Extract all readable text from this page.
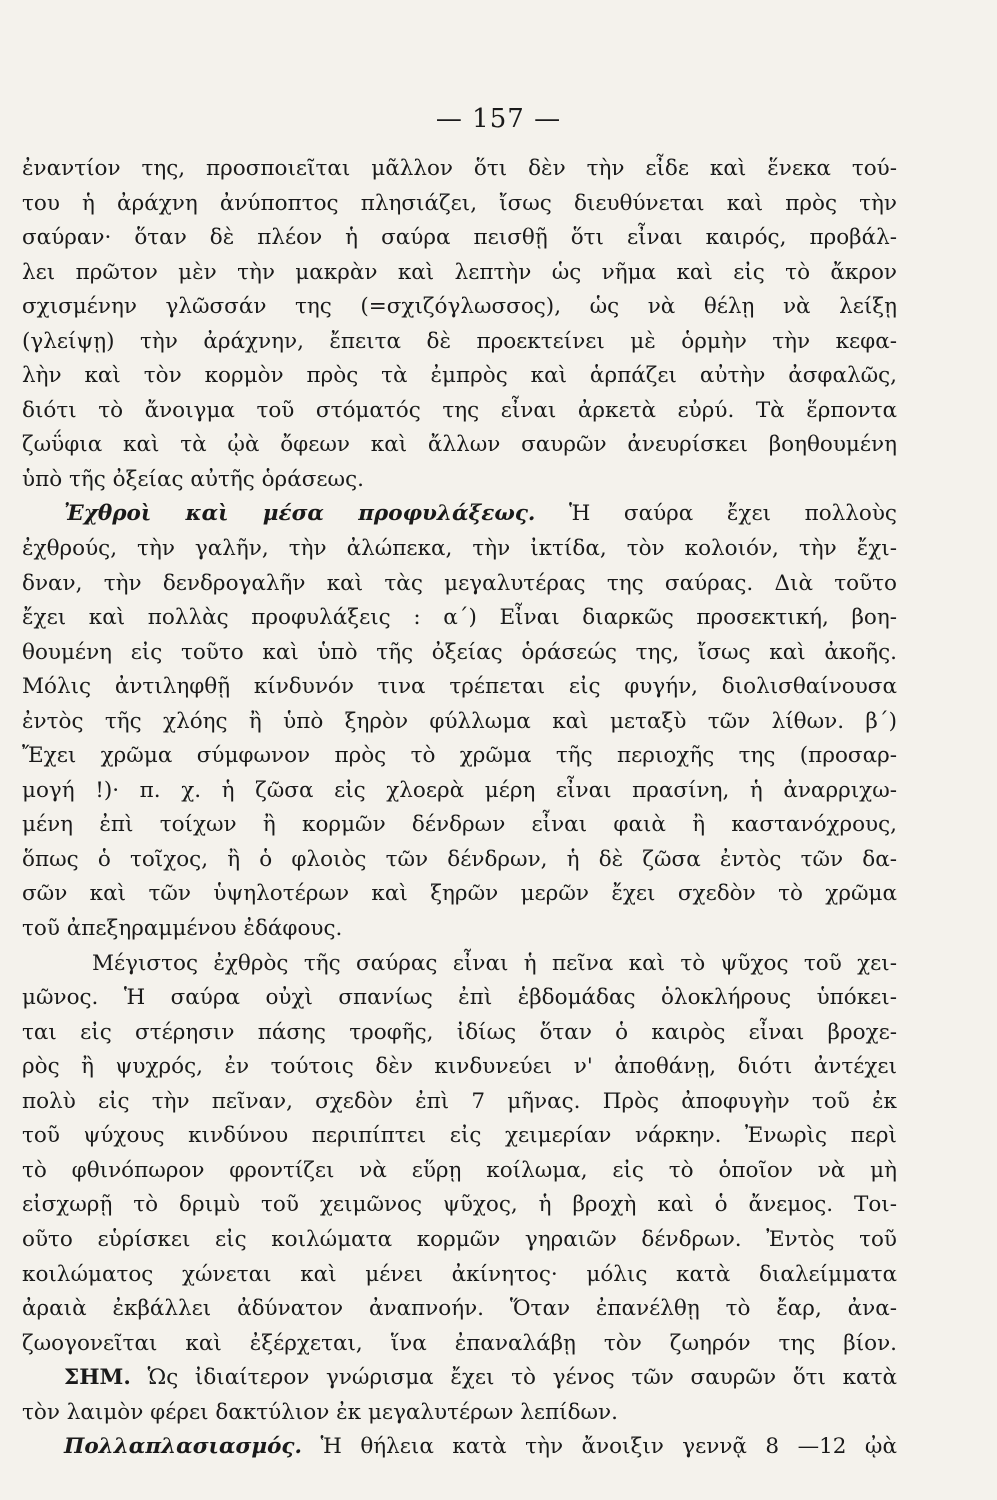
— 157 —
ἐναντίον της, προσποιεῖται μᾶλλον ὅτι δὲν τὴν εἶδε καὶ ἕνεκα τού-
του ἡ ἀράχνη ἀνύποπτος πλησιάζει, ἴσως διευθύνεται καὶ πρὸς τὴν
σαύραν· ὅταν δὲ πλέον ἡ σαύρα πεισθῇ ὅτι εἶναι καιρός, προβάλ-
λει πρῶτον μὲν τὴν μακρὰν καὶ λεπτὴν ὡς νῆμα καὶ εἰς τὸ ἄκρον
σχισμένην γλῶσσάν της (=σχιζόγλωσσος), ὡς νὰ θέλῃ νὰ λείξῃ
(γλείψῃ) τὴν ἀράχνην, ἔπειτα δὲ προεκτείνει μὲ ὁρμὴν τὴν κεφα-
λὴν καὶ τὸν κορμὸν πρὸς τὰ ἐμπρὸς καὶ ἁρπάζει αὐτὴν ἀσφαλῶς,
διότι τὸ ἄνοιγμα τοῦ στόματός της εἶναι ἀρκετὰ εὐρύ. Τὰ ἕρποντα
ζωΰφια καὶ τὰ ᾠὰ ὄφεων καὶ ἄλλων σαυρῶν ἀνευρίσκει βοηθουμένη
ὑπὸ τῆς ὀξείας αὐτῆς ὁράσεως.
Ἐχθροὶ καὶ μέσα προφυλάξεως. Ἡ σαύρα ἔχει πολλοὺς
ἐχθρούς, τὴν γαλῆν, τὴν ἀλώπεκα, τὴν ἰκτίδα, τὸν κολοιόν, τὴν ἔχι-
δναν, τὴν δενδρογαλῆν καὶ τὰς μεγαλυτέρας της σαύρας. Διὰ τοῦτο
ἔχει καὶ πολλὰς προφυλάξεις : α΄) Εἶναι διαρκῶς προσεκτική, βοη-
θουμένη εἰς τοῦτο καὶ ὑπὸ τῆς ὀξείας ὁράσεώς της, ἴσως καὶ ἀκοῆς.
Μόλις ἀντιληφθῇ κίνδυνόν τινα τρέπεται εἰς φυγήν, διολισθαίνουσα
ἐντὸς τῆς χλόης ἢ ὑπὸ ξηρὸν φύλλωμα καὶ μεταξὺ τῶν λίθων. β΄)
Ἔχει χρῶμα σύμφωνον πρὸς τὸ χρῶμα τῆς περιοχῆς της (προσαρ-
μογή !)· π. χ. ἡ ζῶσα εἰς χλοερὰ μέρη εἶναι πρασίνη, ἡ ἀναρριχω-
μένη ἐπὶ τοίχων ἢ κορμῶν δένδρων εἶναι φαιὰ ἢ καστανόχρους,
ὅπως ὁ τοῖχος, ἢ ὁ φλοιὸς τῶν δένδρων, ἡ δὲ ζῶσα ἐντὸς τῶν δα-
σῶν καὶ τῶν ὑψηλοτέρων καὶ ξηρῶν μερῶν ἔχει σχεδὸν τὸ χρῶμα
τοῦ ἀπεξηραμμένου ἐδάφους.
Μέγιστος ἐχθρὸς τῆς σαύρας εἶναι ἡ πεῖνα καὶ τὸ ψῦχος τοῦ χει-
μῶνος. Ἡ σαύρα οὐχὶ σπανίως ἐπὶ ἑβδομάδας ὁλοκλήρους ὑπόκει-
ται εἰς στέρησιν πάσης τροφῆς, ἰδίως ὅταν ὁ καιρὸς εἶναι βροχε-
ρὸς ἢ ψυχρός, ἐν τούτοις δὲν κινδυνεύει ν' ἀποθάνῃ, διότι ἀντέχει
πολὺ εἰς τὴν πεῖναν, σχεδὸν ἐπὶ 7 μῆνας. Πρὸς ἀποφυγὴν τοῦ ἐκ
τοῦ ψύχους κινδύνου περιπίπτει εἰς χειμερίαν νάρκην. Ἐνωρὶς περὶ
τὸ φθινόπωρον φροντίζει νὰ εὕρῃ κοίλωμα, εἰς τὸ ὁποῖον νὰ μὴ
εἰσχωρῇ τὸ δριμὺ τοῦ χειμῶνος ψῦχος, ἡ βροχὴ καὶ ὁ ἄνεμος. Τοι-
οῦτο εὑρίσκει εἰς κοιλώματα κορμῶν γηραιῶν δένδρων. Ἐντὸς τοῦ
κοιλώματος χώνεται καὶ μένει ἀκίνητος· μόλις κατὰ διαλείμματα
ἀραιὰ ἐκβάλλει ἀδύνατον ἀναπνοήν. Ὅταν ἐπανέλθῃ τὸ ἔαρ, ἀνα-
ζωογονεῖται καὶ ἐξέρχεται, ἵνα ἐπαναλάβῃ τὸν ζωηρόν της βίον.
ΣΗΜ. Ὡς ἰδιαίτερον γνώρισμα ἔχει τὸ γένος τῶν σαυρῶν ὅτι κατὰ
τὸν λαιμὸν φέρει δακτύλιον ἐκ μεγαλυτέρων λεπίδων.
Πολλαπλασιασμός. Ἡ θήλεια κατὰ τὴν ἄνοιξιν γεννᾷ 8 —12 ᾠὰ
